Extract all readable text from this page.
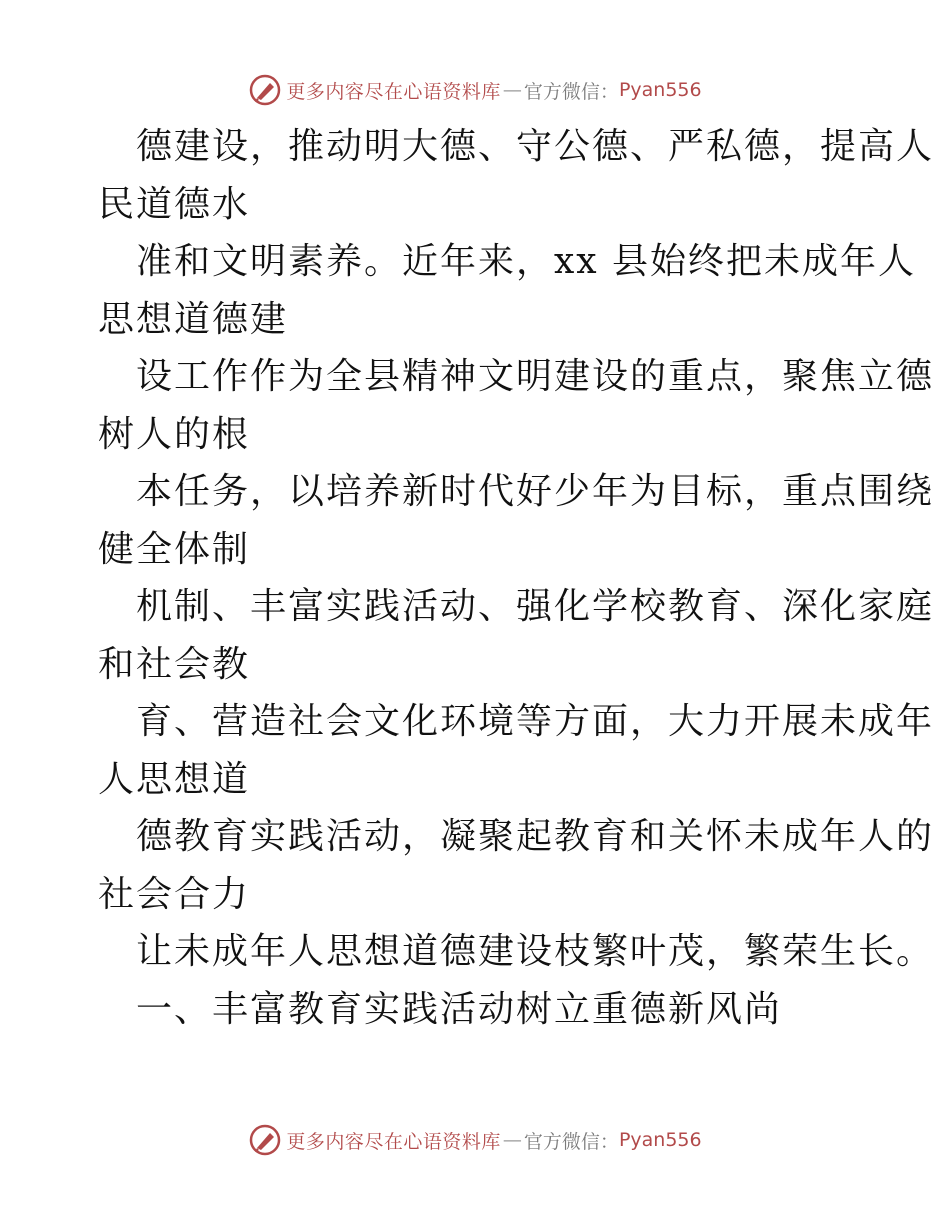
更多内容尽在心语资料库 — 官方微信： Pyan556
德建设，推动明大德、守公德、严私德，提高人
民道德水
准和文明素养。近年来，xx 县始终把未成年人
思想道德建
设工作作为全县精神文明建设的重点，聚焦立德
树人的根
本任务，以培养新时代好少年为目标，重点围绕
健全体制
机制、丰富实践活动、强化学校教育、深化家庭
和社会教
育、营造社会文化环境等方面，大力开展未成年
人思想道
德教育实践活动，凝聚起教育和关怀未成年人的
社会合力
让未成年人思想道德建设枝繁叶茂，繁荣生长。
一、丰富教育实践活动树立重德新风尚
更多内容尽在心语资料库 — 官方微信： Pyan556
